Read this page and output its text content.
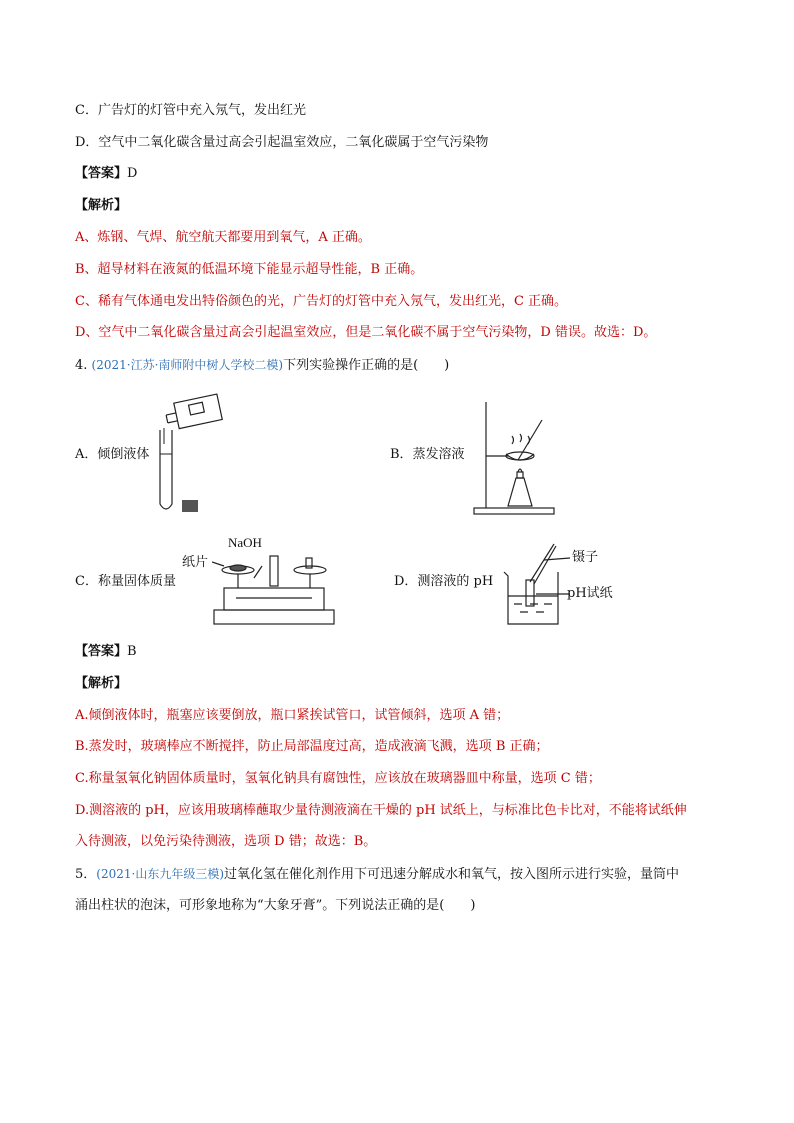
C．广告灯的灯管中充入氖气，发出红光
D．空气中二氧化碳含量过高会引起温室效应，二氧化碳属于空气污染物
【答案】D
【解析】
A、炼钢、气焊、航空航天都要用到氧气，A 正确。
B、超导材料在液氮的低温环境下能显示超导性能，B 正确。
C、稀有气体通电发出特俗颜色的光，广告灯的灯管中充入氖气，发出红光，C 正确。
D、空气中二氧化碳含量过高会引起温室效应，但是二氧化碳不属于空气污染物，D 错误。故选：D。
4. (2021·江苏·南师附中树人学校二模)下列实验操作正确的是(　　)
A．倾倒液体	B．蒸发溶液
C．称量固体质量
NaOH
纸片
D．测溶液的 pH
镊子
pH试纸
【答案】B
【解析】
A.倾倒液体时，瓶塞应该要倒放，瓶口紧挨试管口，试管倾斜，选项 A 错；
B.蒸发时，玻璃棒应不断搅拌，防止局部温度过高，造成液滴飞溅，选项 B 正确；
C.称量氢氧化钠固体质量时，氢氧化钠具有腐蚀性，应该放在玻璃器皿中称量，选项 C 错；
D.测溶液的 pH，应该用玻璃棒蘸取少量待测液滴在干燥的 pH 试纸上，与标准比色卡比对，不能将试纸伸
入待测液，以免污染待测液，选项 D 错；故选：B。
5．(2021·山东九年级三模)过氧化氢在催化剂作用下可迅速分解成水和氧气，按入图所示进行实验，量筒中
涌出柱状的泡沫，可形象地称为“大象牙膏”。下列说法正确的是(　　)
